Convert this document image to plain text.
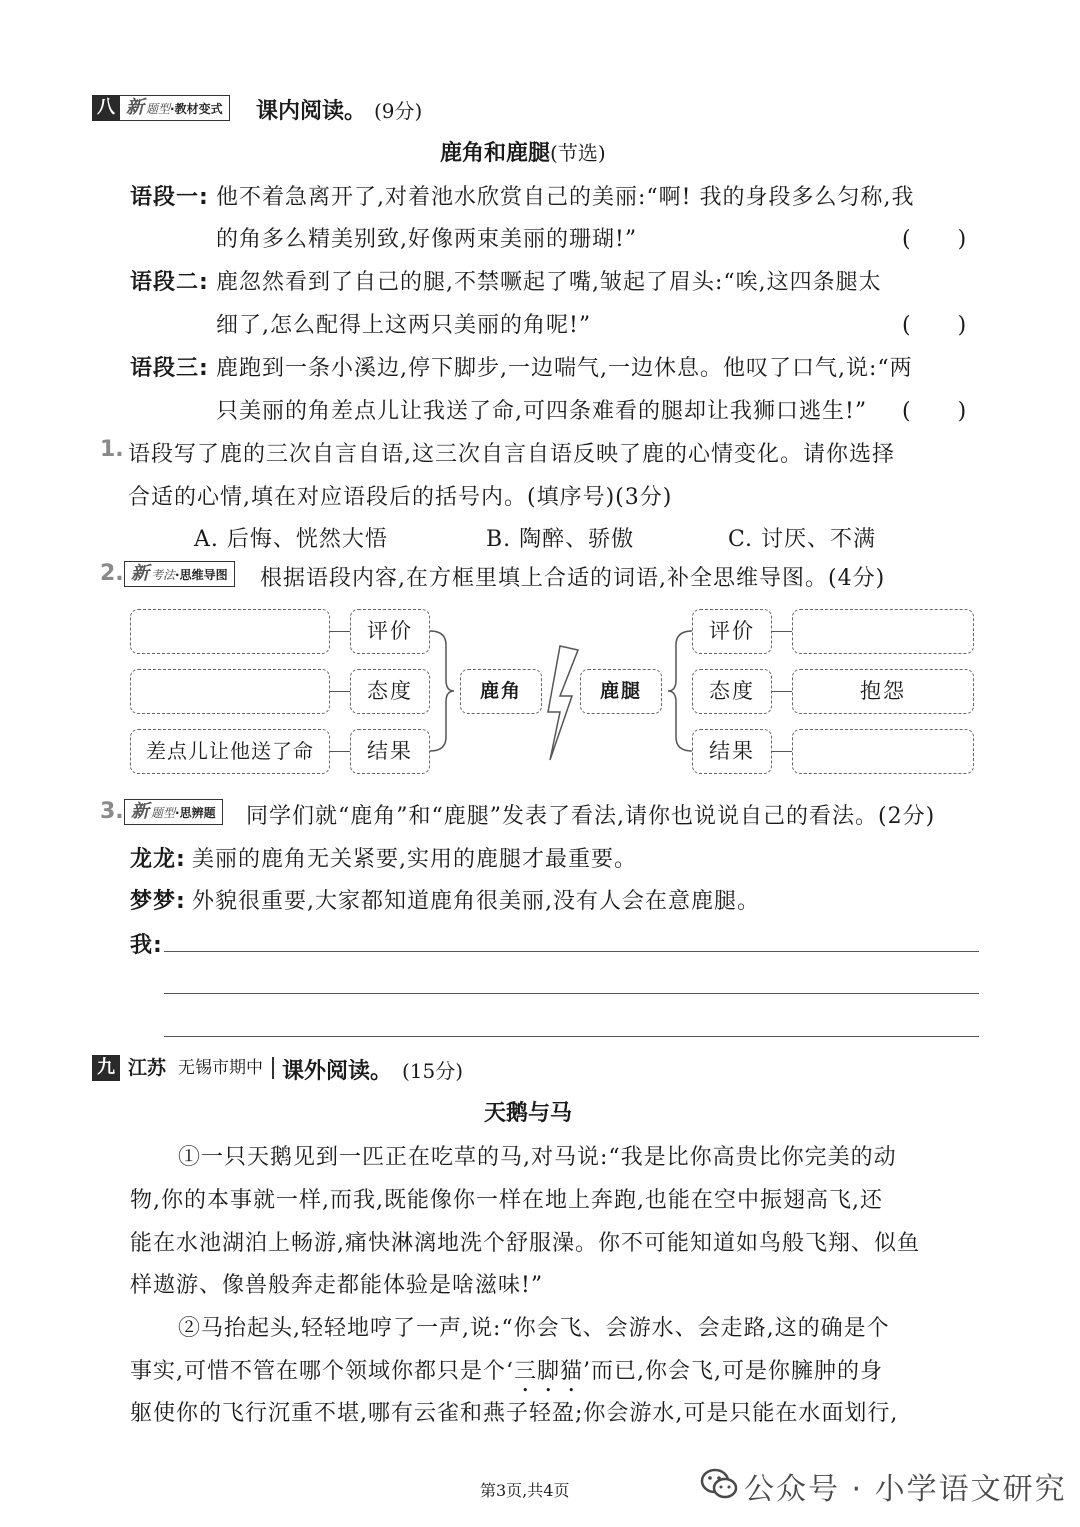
八 新题型·教材变式	课内阅读。 (9分)
鹿角和鹿腿(节选)
语段一: 他不着急离开了,对着池水欣赏自己的美丽:“啊! 我的身段多么匀称,我
的角多么精美别致,好像两束美丽的珊瑚!”	(　　)
语段二: 鹿忽然看到了自己的腿,不禁噘起了嘴,皱起了眉头:“唉,这四条腿太
细了,怎么配得上这两只美丽的角呢!”	(　　)
语段三: 鹿跑到一条小溪边,停下脚步,一边喘气,一边休息。他叹了口气,说:“两
只美丽的角差点儿让我送了命,可四条难看的腿却让我狮口逃生!” (　　)
1. 语段写了鹿的三次自言自语,这三次自言自语反映了鹿的心情变化。请你选择
合适的心情,填在对应语段后的括号内。(填序号)(3分)
A. 后悔、恍然大悟	B. 陶醉、骄傲	C. 讨厌、不满
2. 新考法·思维导图	根据语段内容,在方框里填上合适的词语,补全思维导图。(4分)
差点儿让他送了命
评价
态度
结果
鹿角	鹿腿
评价
态度
结果
抱怨
3. 新题型·思辨题	同学们就“鹿角”和“鹿腿”发表了看法,请你也说说自己的看法。(2分)
龙龙: 美丽的鹿角无关紧要,实用的鹿腿才最重要。
梦梦: 外貌很重要,大家都知道鹿角很美丽,没有人会在意鹿腿。
我:
九 江苏 无锡市期中 课外阅读。 (15分)
天鹅与马
①一只天鹅见到一匹正在吃草的马,对马说:“我是比你高贵比你完美的动
物,你的本事就一样,而我,既能像你一样在地上奔跑,也能在空中振翅高飞,还
能在水池湖泊上畅游,痛快淋漓地洗个舒服澡。你不可能知道如鸟般飞翔、似鱼
样遨游、像兽般奔走都能体验是啥滋味!”
②马抬起头,轻轻地哼了一声,说:“你会飞、会游水、会走路,这的确是个
事实,可惜不管在哪个领域你都只是个‘三脚猫’而已,你会飞,可是你臃肿的身
躯使你的飞行沉重不堪,哪有云雀和燕子轻盈;你会游水,可是只能在水面划行,
第3页,共4页	公众号 · 小学语文研究
